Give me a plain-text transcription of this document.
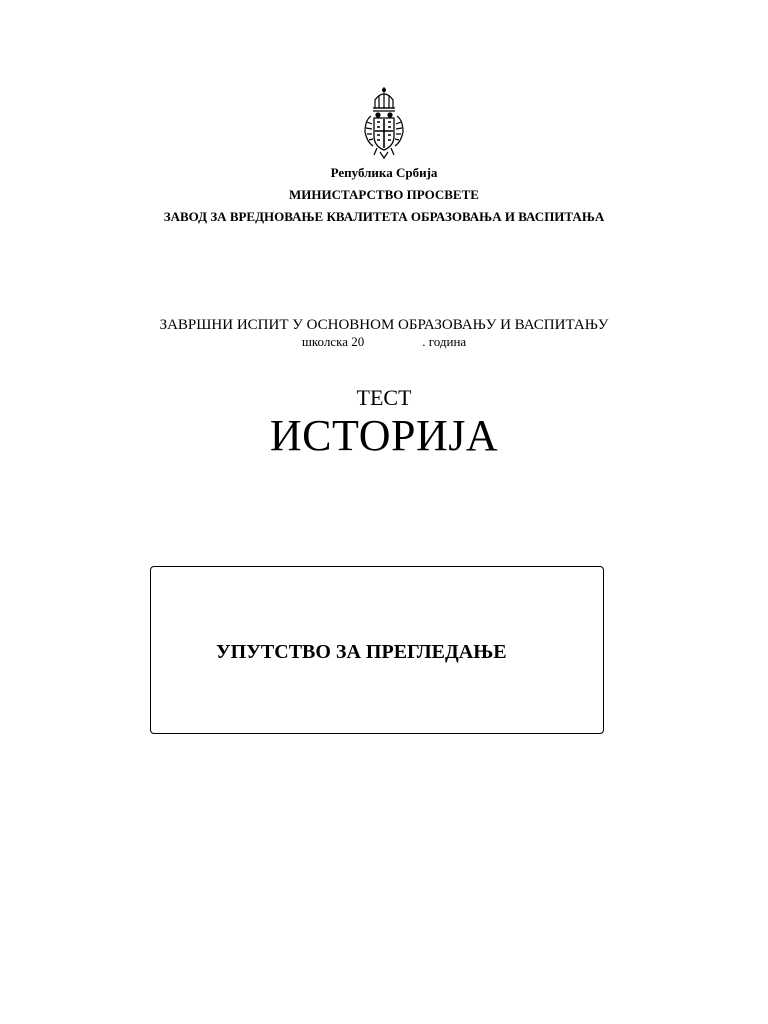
Република Србија
МИНИСТАРСТВО ПРОСВЕТЕ
ЗАВОД ЗА ВРЕДНОВАЊЕ КВАЛИТЕТА ОБРАЗОВАЊА И ВАСПИТАЊА
ЗАВРШНИ ИСПИТ У ОСНОВНОМ ОБРАЗОВАЊУ И ВАСПИТАЊУ
школска 20	. година
ТЕСТ
ИСТОРИЈА
УПУТСТВО ЗА ПРЕГЛЕДАЊЕ
